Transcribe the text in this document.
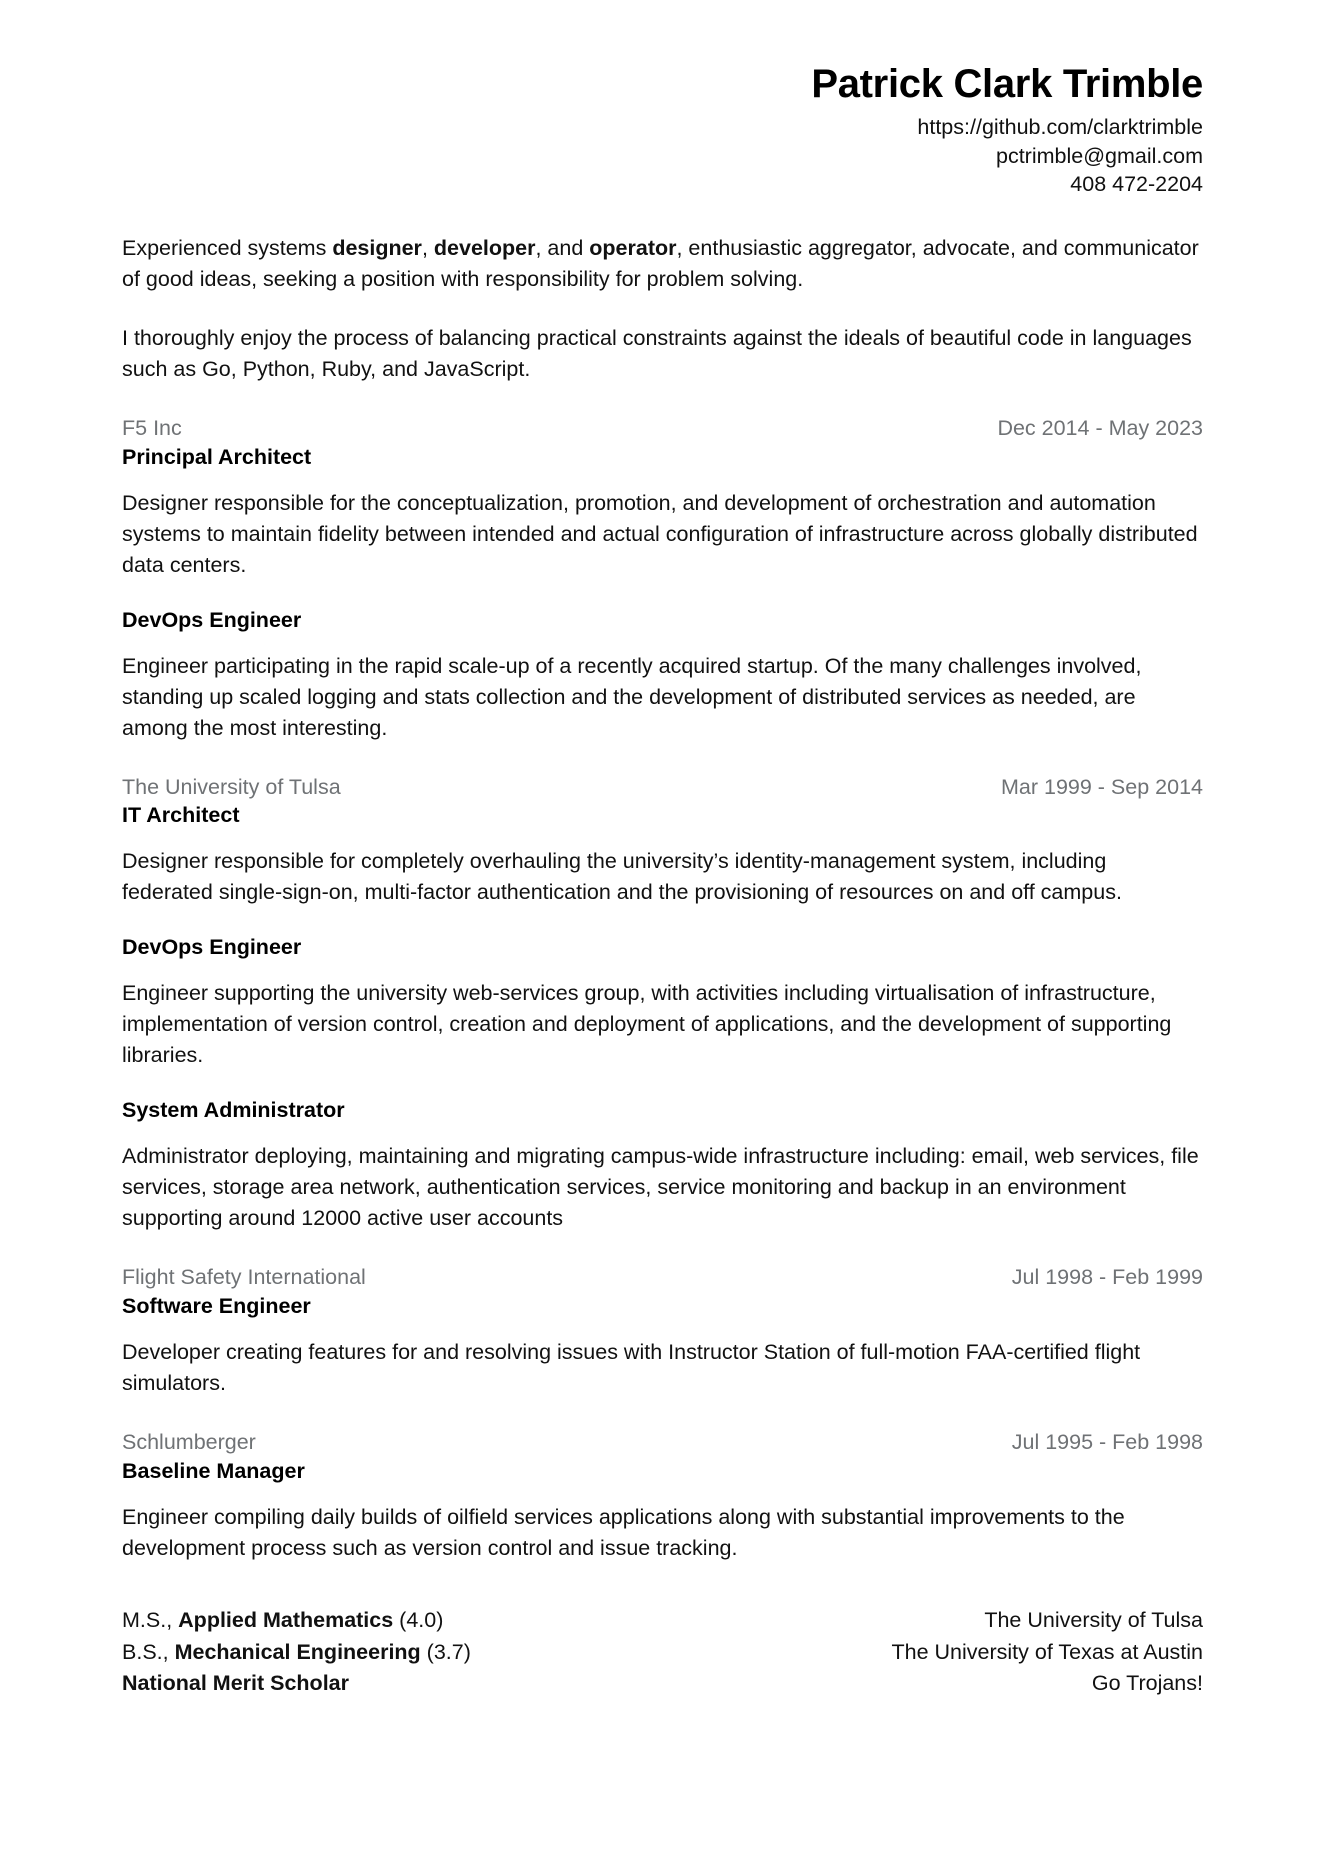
Patrick Clark Trimble
https://github.com/clarktrimble
pctrimble@gmail.com
408 472-2204

Experienced systems designer, developer, and operator, enthusiastic aggregator, advocate, and communicator of good ideas, seeking a position with responsibility for problem solving.

I thoroughly enjoy the process of balancing practical constraints against the ideals of beautiful code in languages such as Go, Python, Ruby, and JavaScript.

F5 Inc	Dec 2014 - May 2023
Principal Architect

Designer responsible for the conceptualization, promotion, and development of orchestration and automation systems to maintain fidelity between intended and actual configuration of infrastructure across globally distributed data centers.

DevOps Engineer

Engineer participating in the rapid scale-up of a recently acquired startup. Of the many challenges involved, standing up scaled logging and stats collection and the development of distributed services as needed, are among the most interesting.

The University of Tulsa	Mar 1999 - Sep 2014
IT Architect

Designer responsible for completely overhauling the university’s identity-management system, including federated single-sign-on, multi-factor authentication and the provisioning of resources on and off campus.

DevOps Engineer

Engineer supporting the university web-services group, with activities including virtualisation of infrastructure, implementation of version control, creation and deployment of applications, and the development of supporting libraries.

System Administrator

Administrator deploying, maintaining and migrating campus-wide infrastructure including: email, web services, file services, storage area network, authentication services, service monitoring and backup in an environment supporting around 12000 active user accounts

Flight Safety International	Jul 1998 - Feb 1999
Software Engineer

Developer creating features for and resolving issues with Instructor Station of full-motion FAA-certified flight simulators.

Schlumberger	Jul 1995 - Feb 1998
Baseline Manager

Engineer compiling daily builds of oilfield services applications along with substantial improvements to the development process such as version control and issue tracking.

M.S., Applied Mathematics (4.0)	The University of Tulsa
B.S., Mechanical Engineering (3.7)	The University of Texas at Austin
National Merit Scholar	Go Trojans!
